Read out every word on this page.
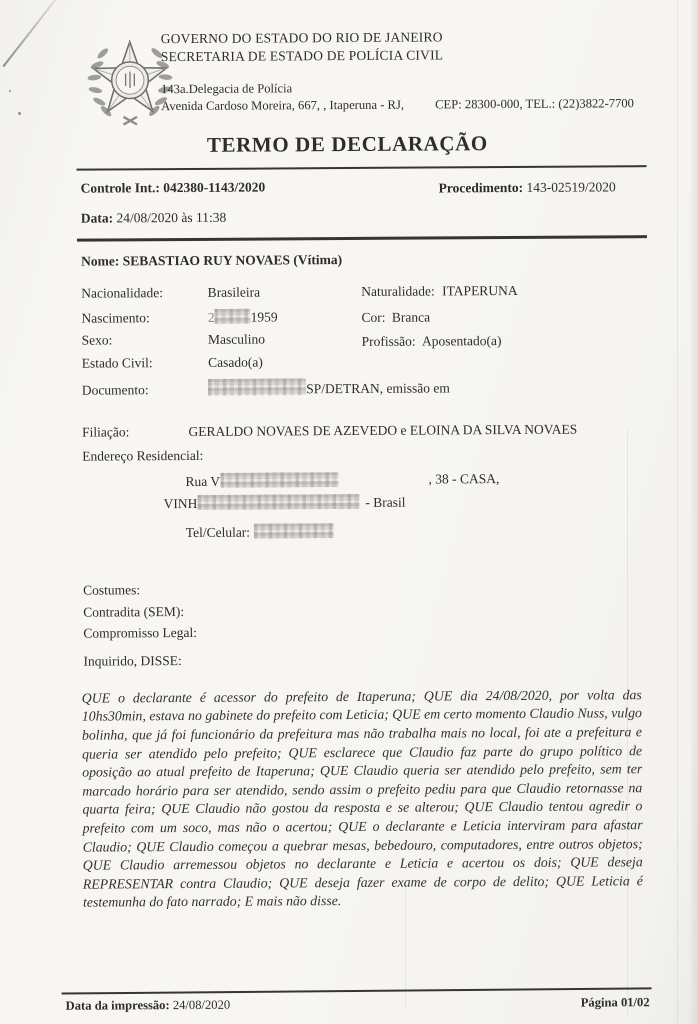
GOVERNO DO ESTADO DO RIO DE JANEIRO
SECRETARIA DE ESTADO DE POLÍCIA CIVIL
143a.Delegacia de Polícia
Avenida Cardoso Moreira, 667, , Itaperuna - RJ, CEP: 28300-000, TEL.: (22)3822-7700
TERMO DE DECLARAÇÃO
Controle Int.: 042380-1143/2020	Procedimento: 143-02519/2020
Data: 24/08/2020 às 11:38
Nome: SEBASTIAO RUY NOVAES (Vítima)
Nacionalidade:	Brasileira	Naturalidade: ITAPERUNA
Nascimento:	2	1959	Cor: Branca
Sexo:	Masculino	Profissão: Aposentado(a)
Estado Civil:	Casado(a)
Documento:	SP/DETRAN, emissão em
Filiação:	GERALDO NOVAES DE AZEVEDO e ELOINA DA SILVA NOVAES
Endereço Residencial:
Rua V	, 38 - CASA,
VINH	- Brasil
Tel/Celular:
Costumes:
Contradita (SEM):
Compromisso Legal:
Inquirido, DISSE:

QUE o declarante é acessor do prefeito de Itaperuna; QUE dia 24/08/2020, por volta das 10hs30min, estava no gabinete do prefeito com Leticia; QUE em certo momento Claudio Nuss, vulgo bolinha, que já foi funcionário da prefeitura mas não trabalha mais no local, foi ate a prefeitura e queria ser atendido pelo prefeito; QUE esclarece que Claudio faz parte do grupo político de oposição ao atual prefeito de Itaperuna; QUE Claudio queria ser atendido pelo prefeito, sem ter marcado horário para ser atendido, sendo assim o prefeito pediu para que Claudio retornasse na quarta feira; QUE Claudio não gostou da resposta e se alterou; QUE Claudio tentou agredir o prefeito com um soco, mas não o acertou; QUE o declarante e Leticia interviram para afastar Claudio; QUE Claudio começou a quebrar mesas, bebedouro, computadores, entre outros objetos; QUE Claudio arremessou objetos no declarante e Leticia e acertou os dois; QUE deseja REPRESENTAR contra Claudio; QUE deseja fazer exame de corpo de delito; QUE Leticia é testemunha do fato narrado; E mais não disse.

Data da impressão: 24/08/2020	Página 01/02
